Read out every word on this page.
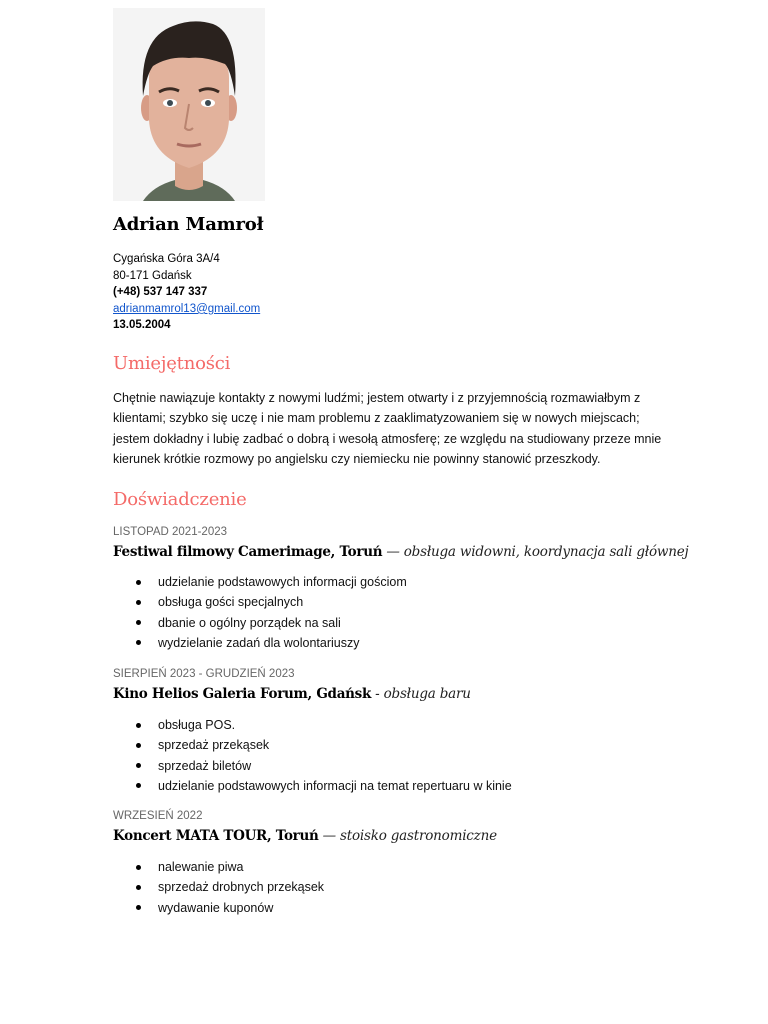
Adrian Mamroł
Cygańska Góra 3A/4
80-171 Gdańsk
(+48) 537 147 337
adrianmamrol13@gmail.com
13.05.2004
Umiejętności
Chętnie nawiązuje kontakty z nowymi ludźmi; jestem otwarty i z przyjemnością rozmawiałbym z klientami; szybko się uczę i nie mam problemu z zaaklimatyzowaniem się w nowych miejscach; jestem dokładny i lubię zadbać o dobrą i wesołą atmosferę; ze względu na studiowany przeze mnie kierunek krótkie rozmowy po angielsku czy niemiecku nie powinny stanowić przeszkody.
Doświadczenie
LISTOPAD 2021-2023
Festiwal filmowy Camerimage, Toruń — obsługa widowni, koordynacja sali głównej
udzielanie podstawowych informacji gościom
obsługa gości specjalnych
dbanie o ogólny porządek na sali
wydzielanie zadań dla wolontariuszy
SIERPIEŃ 2023 - GRUDZIEŃ 2023
Kino Helios Galeria Forum, Gdańsk - obsługa baru
obsługa POS.
sprzedaż przekąsek
sprzedaż biletów
udzielanie podstawowych informacji na temat repertuaru w kinie
WRZESIEŃ 2022
Koncert MATA TOUR, Toruń — stoisko gastronomiczne
nalewanie piwa
sprzedaż drobnych przekąsek
wydawanie kuponów
